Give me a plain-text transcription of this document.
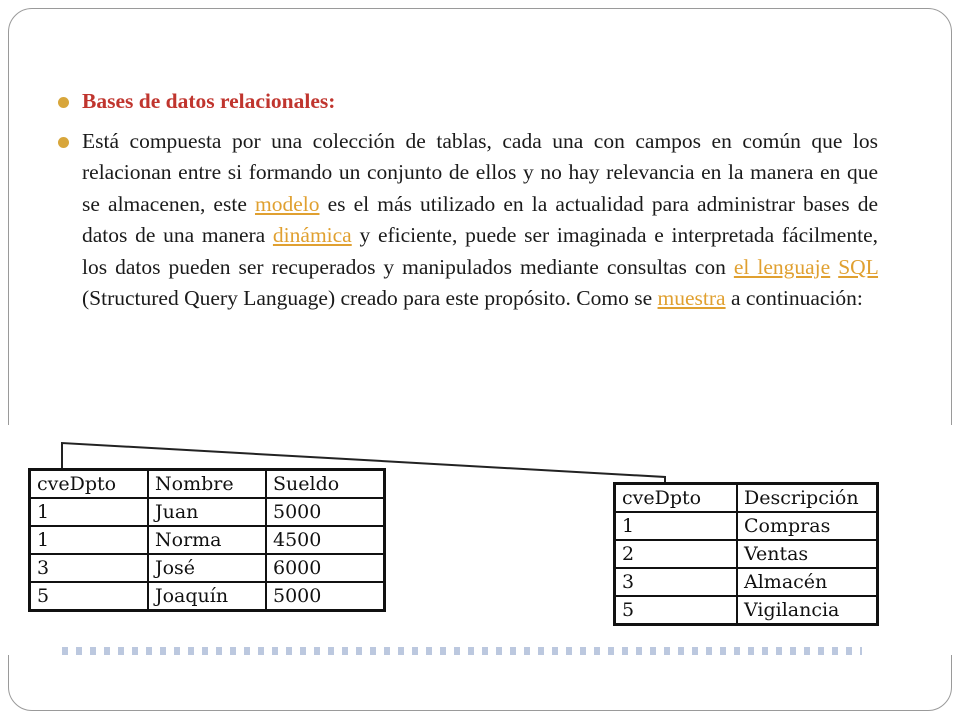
Bases de datos relacionales:

Está compuesta por una colección de tablas, cada una con campos en común que los relacionan entre si formando un conjunto de ellos y no hay relevancia en la manera en que se almacenen, este modelo es el más utilizado en la actualidad para administrar bases de datos de una manera dinámica y eficiente, puede ser imaginada e interpretada fácilmente, los datos pueden ser recuperados y manipulados mediante consultas con el lenguaje SQL (Structured Query Language) creado para este propósito. Como se muestra a continuación:

cveDpto	Nombre	Sueldo
1	Juan	5000
1	Norma	4500
3	José	6000
5	Joaquín	5000
cveDpto	Descripción
1	Compras
2	Ventas
3	Almacén
5	Vigilancia
